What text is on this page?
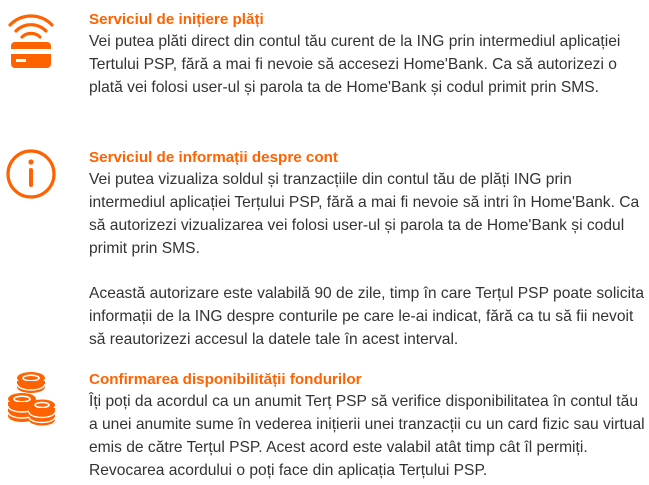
Serviciul de inițiere plăți

Vei putea plăti direct din contul tău curent de la ING prin intermediul aplicației Tertului PSP, fără a mai fi nevoie să accesezi Home'Bank. Ca să autorizezi o plată vei folosi user-ul și parola ta de Home'Bank și codul primit prin SMS.

Serviciul de informații despre cont

Vei putea vizualiza soldul și tranzacțiile din contul tău de plăți ING prin intermediul aplicației Terțului PSP, fără a mai fi nevoie să intri în Home'Bank. Ca să autorizezi vizualizarea vei folosi user-ul și parola ta de Home'Bank și codul primit prin SMS.

Această autorizare este valabilă 90 de zile, timp în care Terțul PSP poate solicita informații de la ING despre conturile pe care le-ai indicat, fără ca tu să fii nevoit să reautorizezi accesul la datele tale în acest interval.

Confirmarea disponibilității fondurilor

Îți poți da acordul ca un anumit Terț PSP să verifice disponibilitatea în contul tău a unei anumite sume în vederea inițierii unei tranzacții cu un card fizic sau virtual emis de către Terțul PSP. Acest acord este valabil atât timp cât îl permiți. Revocarea acordului o poți face din aplicația Terțului PSP.
